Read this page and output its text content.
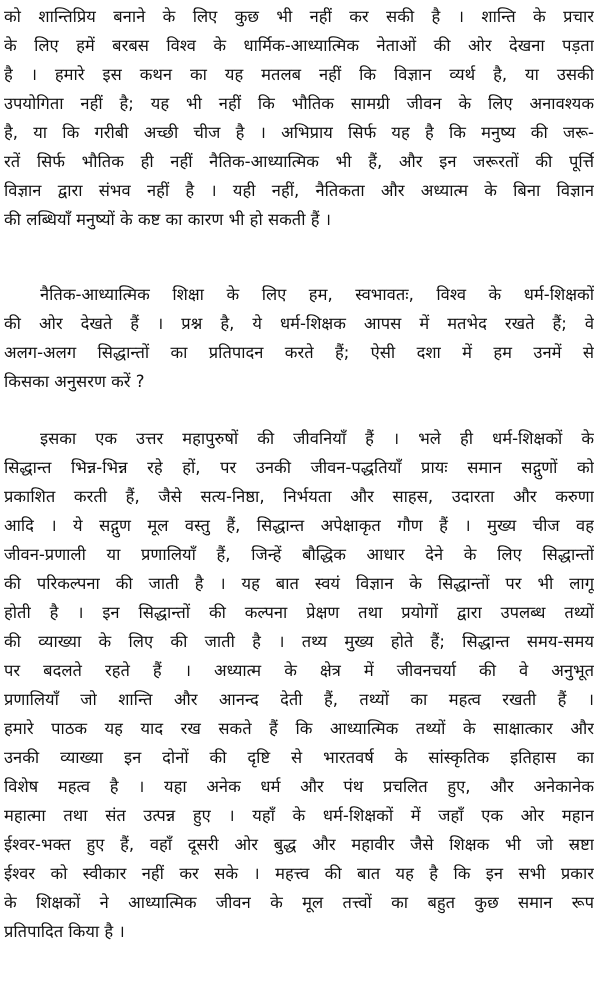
को शान्तिप्रिय बनाने के लिए कुछ भी नहीं कर सकी है । शान्ति के प्रचार
के लिए हमें बरबस विश्व के धार्मिक-आध्यात्मिक नेताओं की ओर देखना पड़ता
है । हमारे इस कथन का यह मतलब नहीं कि विज्ञान व्यर्थ है, या उसकी
उपयोगिता नहीं है; यह भी नहीं कि भौतिक सामग्री जीवन के लिए अनावश्यक
है, या कि गरीबी अच्छी चीज है । अभिप्राय सिर्फ यह है कि मनुष्य की जरू-
रतें सिर्फ भौतिक ही नहीं नैतिक-आध्यात्मिक भी हैं, और इन जरूरतों की पूर्त्ति
विज्ञान द्वारा संभव नहीं है । यही नहीं, नैतिकता और अध्यात्म के बिना विज्ञान
की लब्धियाँ मनुष्यों के कष्ट का कारण भी हो सकती हैं ।
नैतिक-आध्यात्मिक शिक्षा के लिए हम, स्वभावतः, विश्व के धर्म-शिक्षकों
की ओर देखते हैं । प्रश्न है, ये धर्म-शिक्षक आपस में मतभेद रखते हैं; वे
अलग-अलग सिद्धान्तों का प्रतिपादन करते हैं; ऐसी दशा में हम उनमें से
किसका अनुसरण करें ?
इसका एक उत्तर महापुरुषों की जीवनियाँ हैं । भले ही धर्म-शिक्षकों के
सिद्धान्त भिन्न-भिन्न रहे हों, पर उनकी जीवन-पद्धतियाँ प्रायः समान सद्गुणों को
प्रकाशित करती हैं, जैसे सत्य-निष्ठा, निर्भयता और साहस, उदारता और करुणा
आदि । ये सद्गुण मूल वस्तु हैं, सिद्धान्त अपेक्षाकृत गौण हैं । मुख्य चीज वह
जीवन-प्रणाली या प्रणालियाँ हैं, जिन्हें बौद्धिक आधार देने के लिए सिद्धान्तों
की परिकल्पना की जाती है । यह बात स्वयं विज्ञान के सिद्धान्तों पर भी लागू
होती है । इन सिद्धान्तों की कल्पना प्रेक्षण तथा प्रयोगों द्वारा उपलब्ध तथ्यों
की व्याख्या के लिए की जाती है । तथ्य मुख्य होते हैं; सिद्धान्त समय-समय
पर बदलते रहते हैं । अध्यात्म के क्षेत्र में जीवनचर्या की वे अनुभूत
प्रणालियाँ जो शान्ति और आनन्द देती हैं, तथ्यों का महत्व रखती हैं ।
हमारे पाठक यह याद रख सकते हैं कि आध्यात्मिक तथ्यों के साक्षात्कार और
उनकी व्याख्या इन दोनों की दृष्टि से भारतवर्ष के सांस्कृतिक इतिहास का
विशेष महत्व है । यहा अनेक धर्म और पंथ प्रचलित हुए, और अनेकानेक
महात्मा तथा संत उत्पन्न हुए । यहाँ के धर्म-शिक्षकों में जहाँ एक ओर महान
ईश्वर-भक्त हुए हैं, वहाँ दूसरी ओर बुद्ध और महावीर जैसे शिक्षक भी जो स्रष्टा
ईश्वर को स्वीकार नहीं कर सके । महत्त्व की बात यह है कि इन सभी प्रकार
के शिक्षकों ने आध्यात्मिक जीवन के मूल तत्त्वों का बहुत कुछ समान रूप
प्रतिपादित किया है ।
